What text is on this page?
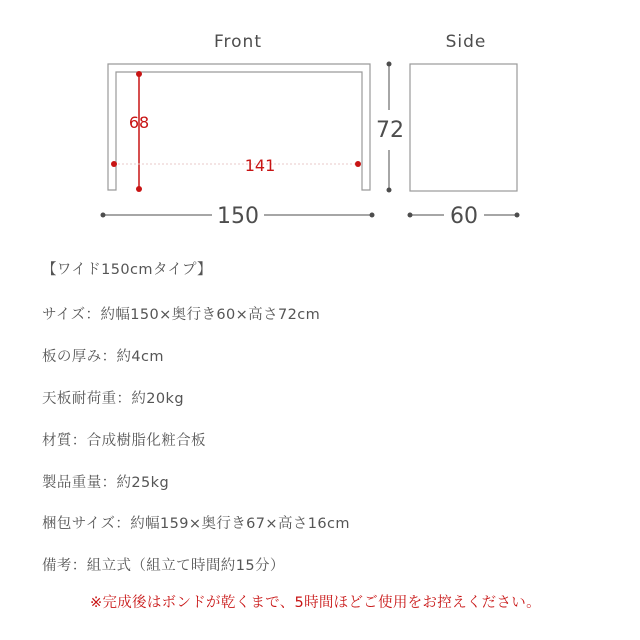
68
141
72
150	60
Front	Side
【ワイド150cmタイプ】
サイズ：約幅150×奥行き60×高さ72cm
板の厚み：約4cm
天板耐荷重：約20kg
材質：合成樹脂化粧合板
製品重量：約25kg
梱包サイズ：約幅159×奥行き67×高さ16cm
備考：組立式（組立て時間約15分）
※完成後はボンドが乾くまで、5時間ほどご使用をお控えください。
